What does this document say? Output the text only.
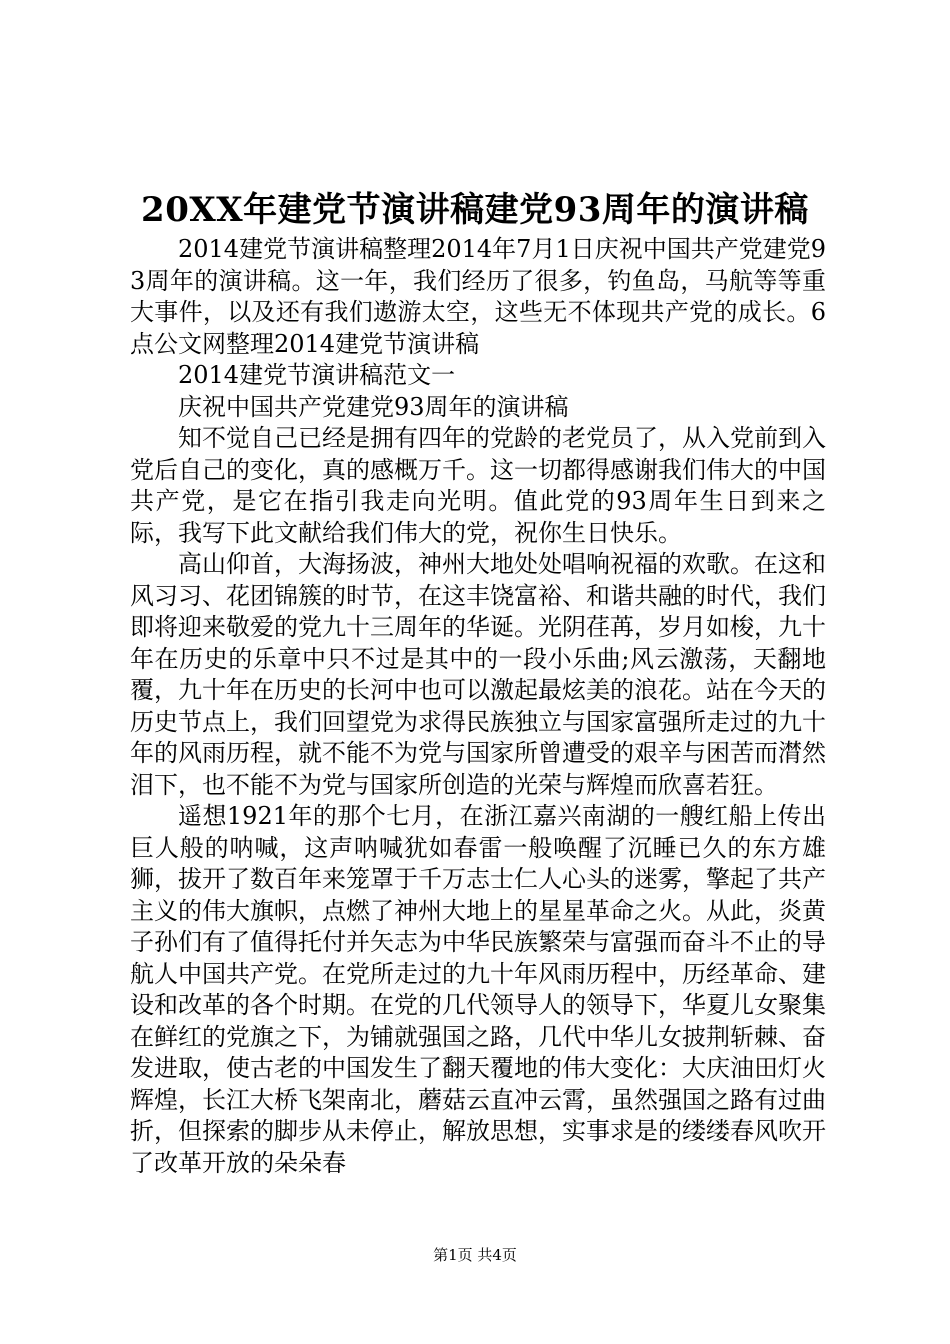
20XX年建党节演讲稿建党93周年的演讲稿

2014建党节演讲稿整理2014年7月1日庆祝中国共产党建党93周年的演讲稿。这一年，我们经历了很多，钓鱼岛，马航等等重大事件，以及还有我们遨游太空，这些无不体现共产党的成长。6点公文网整理2014建党节演讲稿

2014建党节演讲稿范文一

庆祝中国共产党建党93周年的演讲稿

知不觉自己已经是拥有四年的党龄的老党员了，从入党前到入党后自己的变化，真的感概万千。这一切都得感谢我们伟大的中国共产党，是它在指引我走向光明。值此党的93周年生日到来之际，我写下此文献给我们伟大的党，祝你生日快乐。

高山仰首，大海扬波，神州大地处处唱响祝福的欢歌。在这和风习习、花团锦簇的时节，在这丰饶富裕、和谐共融的时代，我们即将迎来敬爱的党九十三周年的华诞。光阴荏苒，岁月如梭，九十年在历史的乐章中只不过是其中的一段小乐曲;风云激荡，天翻地覆，九十年在历史的长河中也可以激起最炫美的浪花。站在今天的历史节点上，我们回望党为求得民族独立与国家富强所走过的九十年的风雨历程，就不能不为党与国家所曾遭受的艰辛与困苦而潸然泪下，也不能不为党与国家所创造的光荣与辉煌而欣喜若狂。

遥想1921年的那个七月，在浙江嘉兴南湖的一艘红船上传出巨人般的呐喊，这声呐喊犹如春雷一般唤醒了沉睡已久的东方雄狮，拔开了数百年来笼罩于千万志士仁人心头的迷雾，擎起了共产主义的伟大旗帜，点燃了神州大地上的星星革命之火。从此，炎黄子孙们有了值得托付并矢志为中华民族繁荣与富强而奋斗不止的导航人中国共产党。在党所走过的九十年风雨历程中，历经革命、建设和改革的各个时期。在党的几代领导人的领导下，华夏儿女聚集在鲜红的党旗之下，为铺就强国之路，几代中华儿女披荆斩棘、奋发进取，使古老的中国发生了翻天覆地的伟大变化：大庆油田灯火辉煌，长江大桥飞架南北，蘑菇云直冲云霄，虽然强国之路有过曲折，但探索的脚步从未停止，解放思想，实事求是的缕缕春风吹开了改革开放的朵朵春

第1页 共4页
